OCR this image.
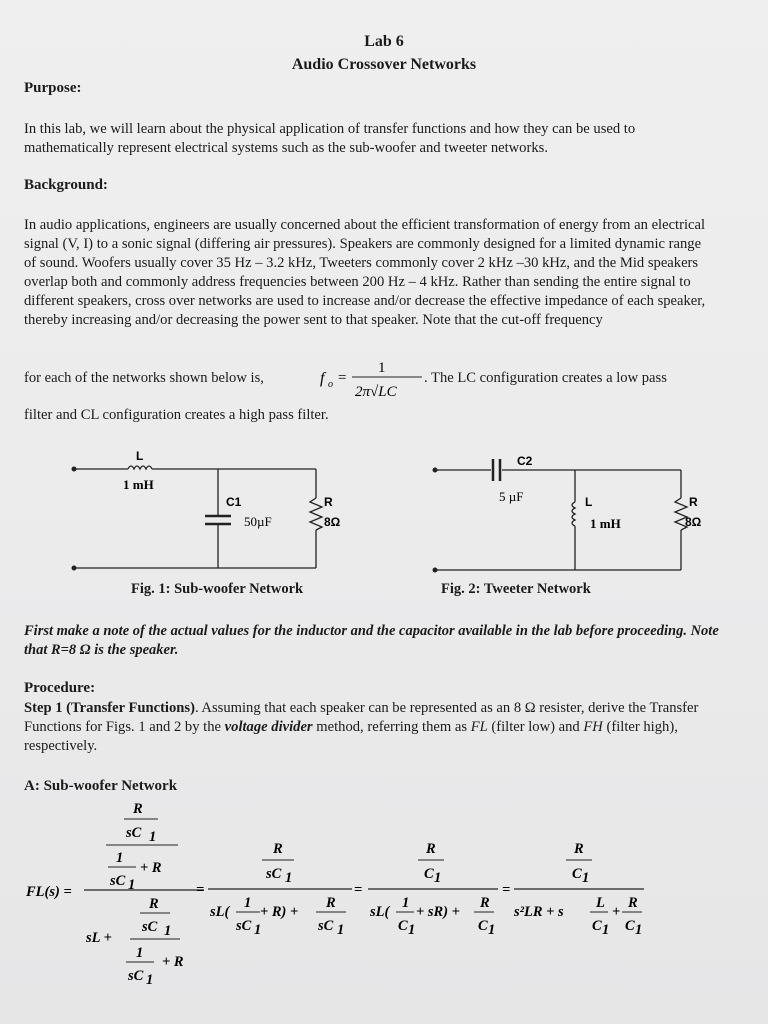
Lab 6
Audio Crossover Networks
Purpose:
In this lab, we will learn about the physical application of transfer functions and how they can be used to mathematically represent electrical systems such as the sub-woofer and tweeter networks.
Background:
In audio applications, engineers are usually concerned about the efficient transformation of energy from an electrical signal (V, I) to a sonic signal (differing air pressures). Speakers are commonly designed for a limited dynamic range of sound. Woofers usually cover 35 Hz – 3.2 kHz, Tweeters commonly cover 2 kHz –30 kHz, and the Mid speakers overlap both and commonly address frequencies between 200 Hz – 4 kHz. Rather than sending the entire signal to different speakers, cross over networks are used to increase and/or decrease the effective impedance of each speaker, thereby increasing and/or decreasing the power sent to that speaker. Note that the cut-off frequency
for each of the networks shown below is,	f o =
1
2π√LC
. The LC configuration creates a low pass
filter and CL configuration creates a high pass filter.
L
1 mH
C1
50µF
R
8Ω
C2
5 µF	L
1 mH
R
8Ω
Fig. 1: Sub-woofer Network	Fig. 2: Tweeter Network
First make a note of the actual values for the inductor and the capacitor available in the lab before proceeding. Note that R=8 Ω is the speaker.
Procedure:
Step 1 (Transfer Functions). Assuming that each speaker can be represented as an 8 Ω resister, derive the Transfer Functions for Figs. 1 and 2 by the voltage divider method, referring them as FL (filter low) and FH (filter high), respectively.
A: Sub-woofer Network
FL(s) =
R
sC 1
1
sC 1
+ R
R
sC 1
sL +
1
sC 1
+ R
=
R
sC 1
sL(
1
sC 1
+ R) +
R
sC 1
=
R
C 1
sL(
1
C 1
+ sR) +
R
C 1
=
R
C 1
s²LR + s
L
C 1
+
R
C 1
